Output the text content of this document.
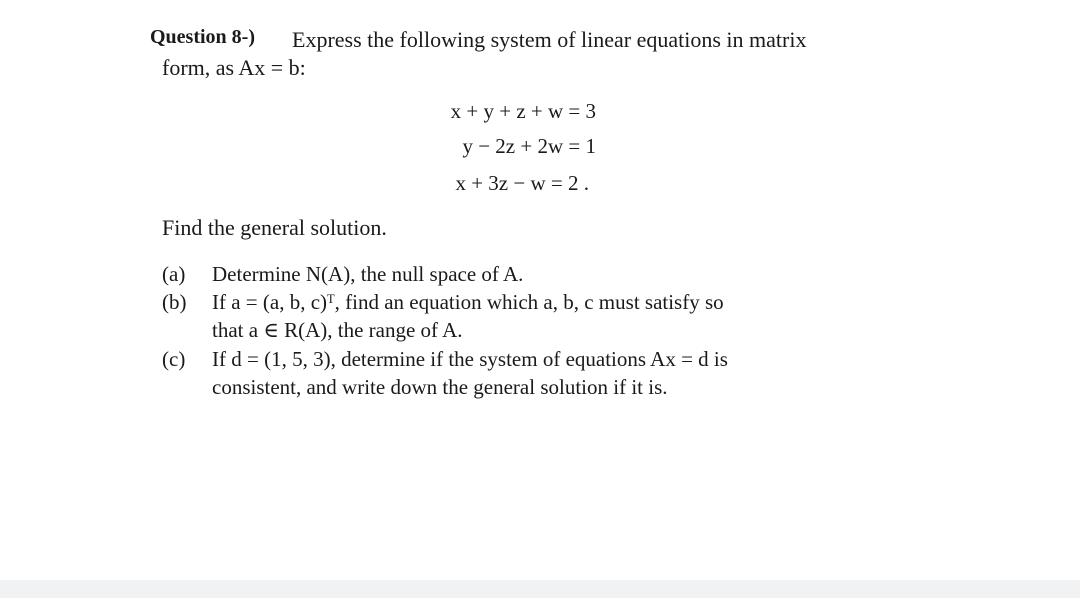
Question 8-) Express the following system of linear equations in matrix
form, as Ax = b:
x + y + z + w = 3
y − 2z + 2w = 1
x + 3z − w = 2 .
Find the general solution.
(a) Determine N(A), the null space of A.
(b) If a = (a, b, c)ᵀ, find an equation which a, b, c must satisfy so
that a ∈ R(A), the range of A.
(c) If d = (1, 5, 3), determine if the system of equations Ax = d is
consistent, and write down the general solution if it is.
